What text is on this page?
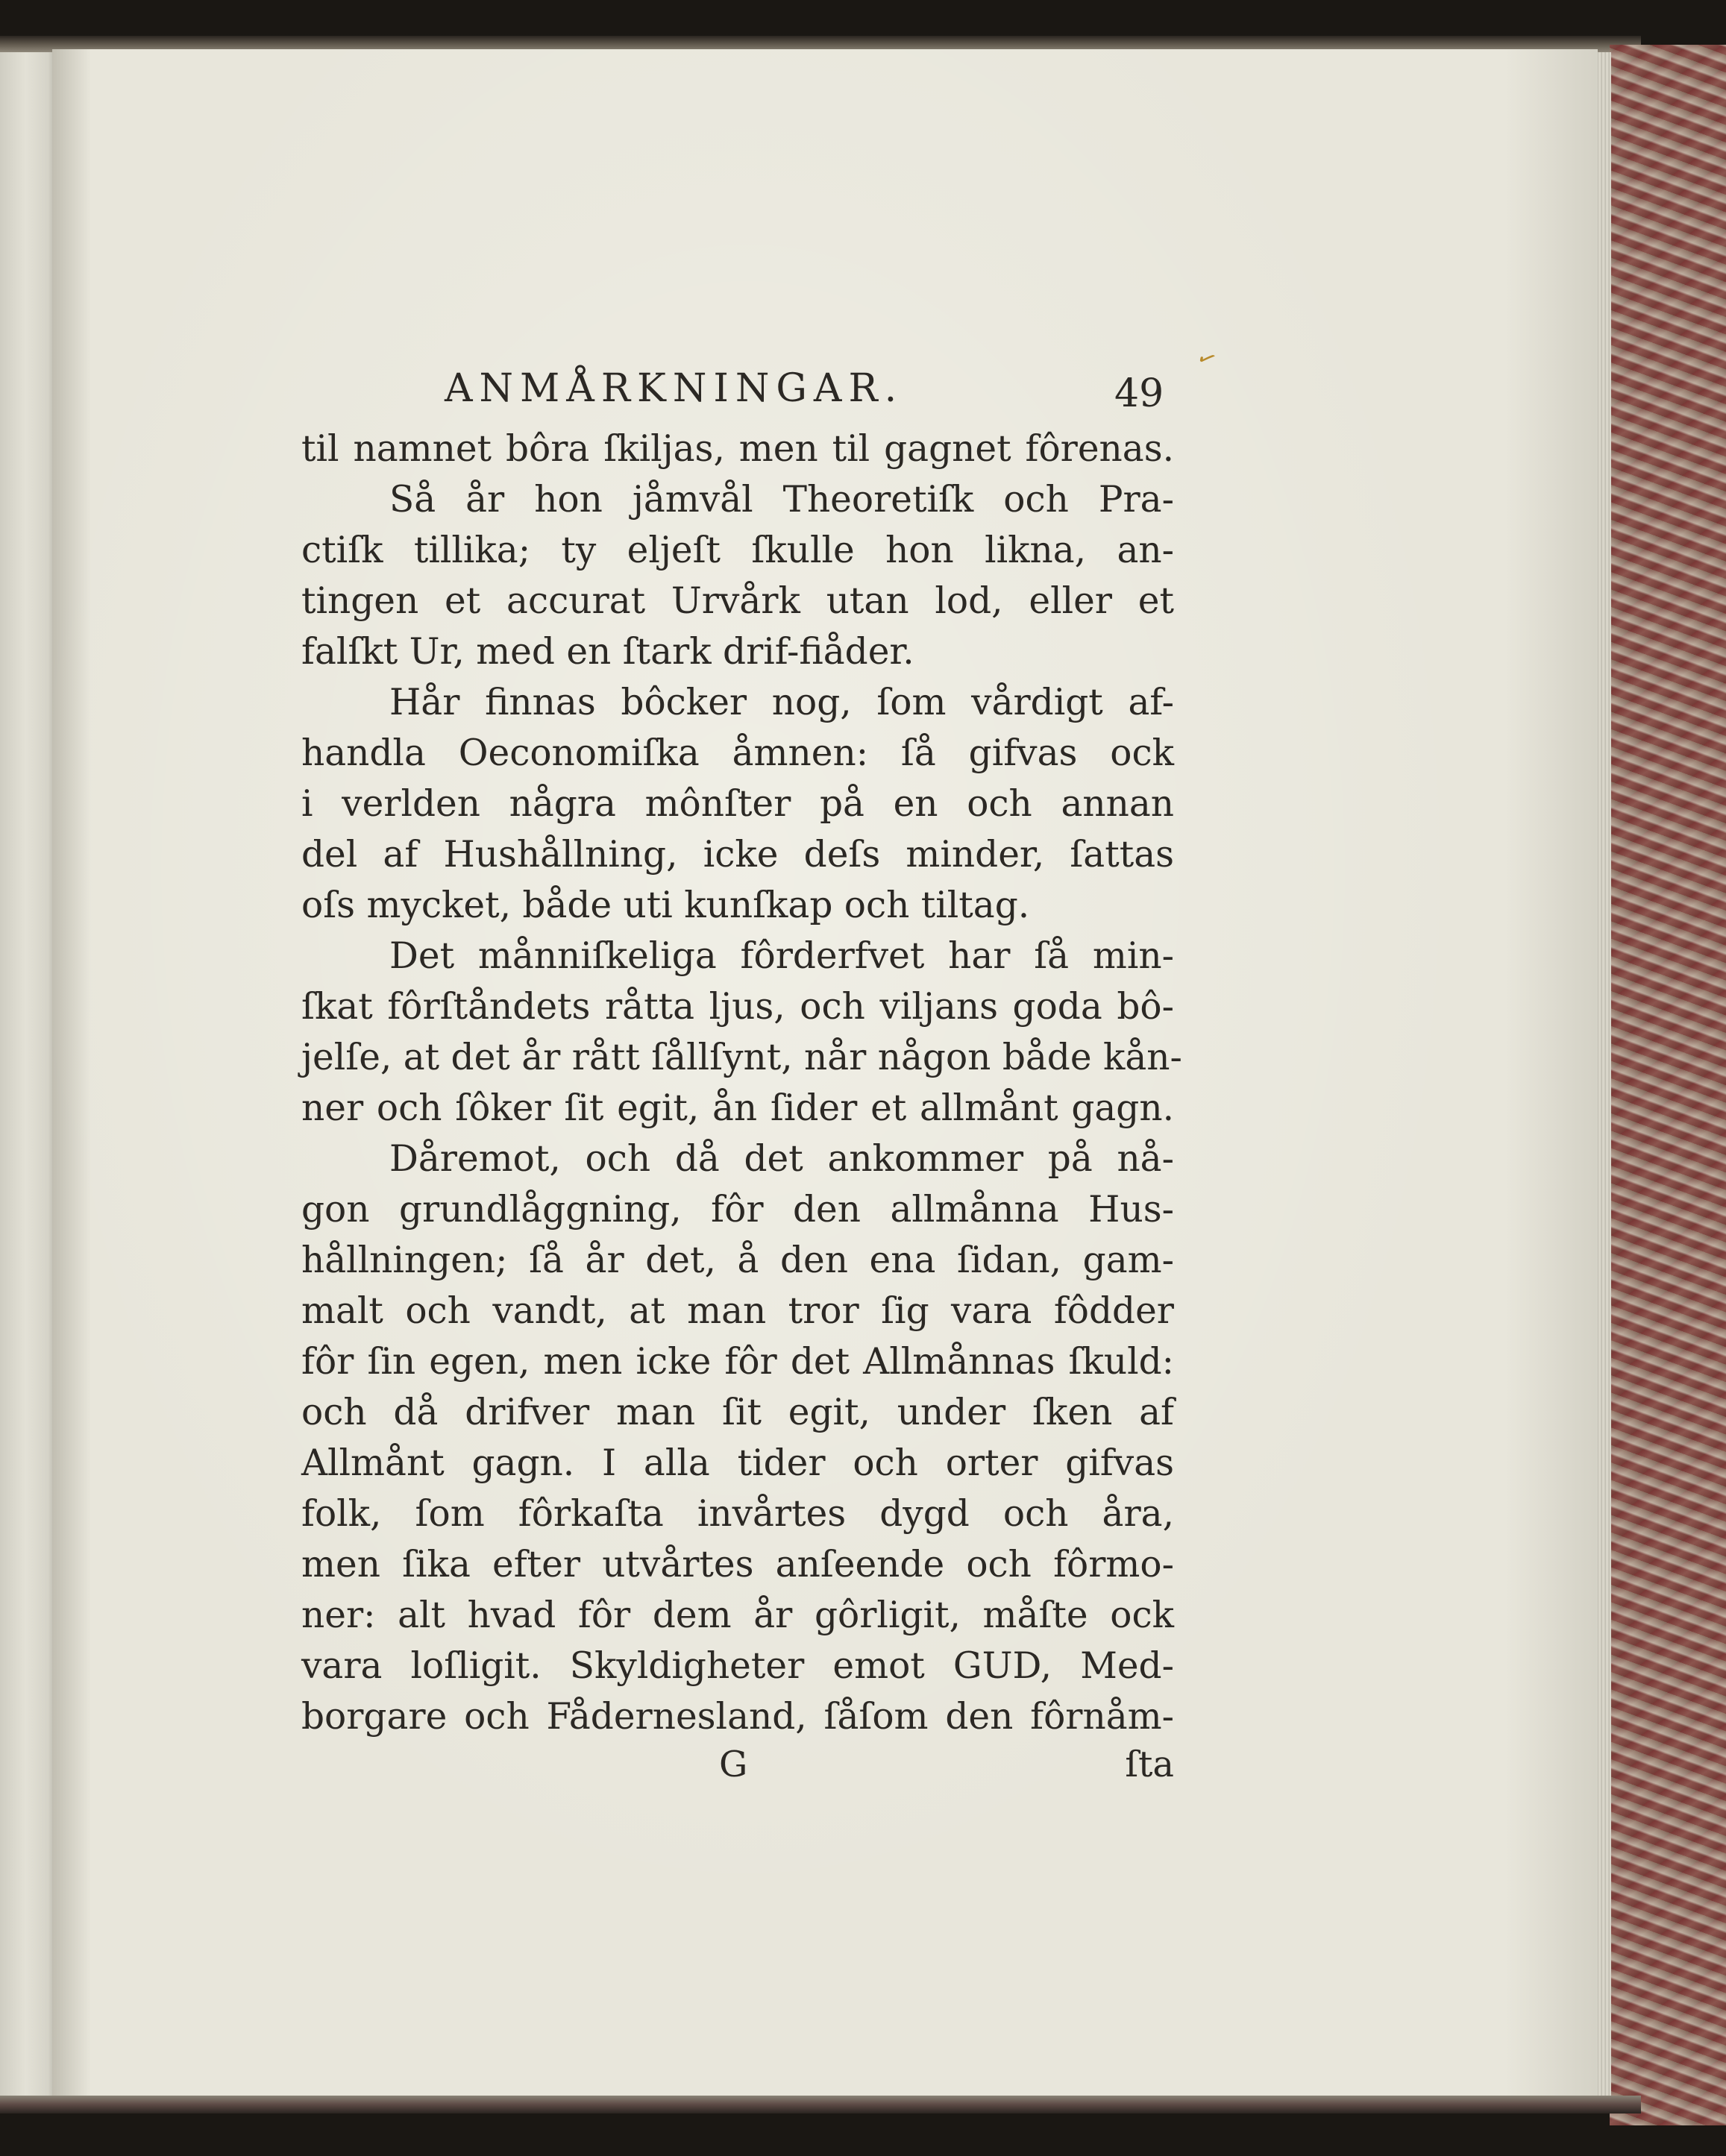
ANMÅRKNINGAR.	49
✓
til namnet bôra ſkiljas, men til gagnet fôrenas.
Så år hon jåmvål Theoretiſk och Pra-
ctiſk tillika; ty eljeſt ſkulle hon likna, an-
tingen et accurat Urvårk utan lod, eller et
falſkt Ur, med en ſtark drif-fiåder.
Hår finnas bôcker nog, ſom vårdigt af-
handla Oeconomiſka åmnen: ſå gifvas ock
i verlden några mônſter på en och annan
del af Hushållning, icke deſs minder, ſattas
oſs mycket, både uti kunſkap och tiltag.
Det månniſkeliga fôrderfvet har ſå min-
ſkat fôrſtåndets råtta ljus, och viljans goda bô-
jelſe, at det år rått ſållſynt, når någon både kån-
ner och ſôker ſit egit, ån ſider et allmånt gagn.
Dåremot, och då det ankommer på nå-
gon grundlåggning, fôr den allmånna Hus-
hållningen; ſå år det, å den ena ſidan, gam-
malt och vandt, at man tror ſig vara fôdder
fôr ſin egen, men icke fôr det Allmånnas ſkuld:
och då drifver man ſit egit, under ſken af
Allmånt gagn. I alla tider och orter gifvas
folk, ſom fôrkaſta invårtes dygd och åra,
men ſika efter utvårtes anſeende och fôrmo-
ner: alt hvad fôr dem år gôrligit, måſte ock
vara loſligit. Skyldigheter emot GUD, Med-
borgare och Fådernesland, ſåſom den fôrnåm-
G	ſta
